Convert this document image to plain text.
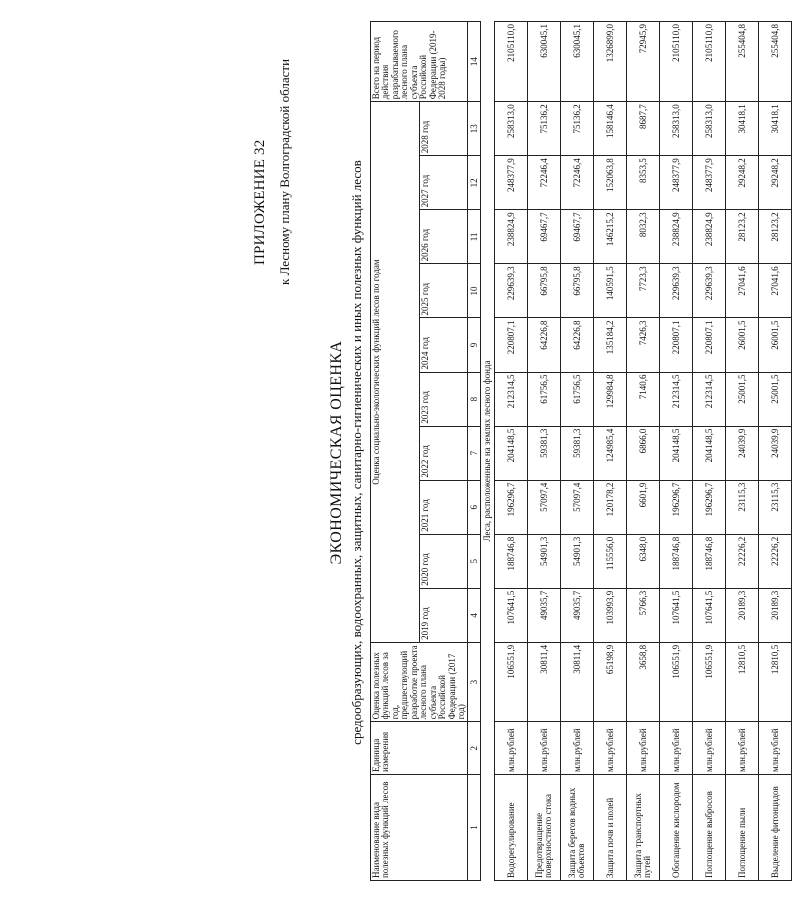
ПРИЛОЖЕНИЕ 32 к Лесному плану Волгоградской области
ЭКОНОМИЧЕСКАЯ ОЦЕНКА средообразующих, водоохранных, защитных, санитарно-гигиенических и иных полезных функций лесов
Наименование вида полезных функций лесов	Единица измерения	Оценка полезных функций лесов за год, предшествующий разработке проекта лесного плана субъекта Российской Федерации (2017 год)	Оценка социально-экологических функций лесов по годам										Всего на период действия разрабатываемого лесного плана субъекта Российской Федерации (2019-2028 годы)
			2019 год	2020 год	2021 год	2022 год	2023 год	2024 год	2025 год	2026 год	2027 год	2028 год	
1	2	3	4	5	6	7	8	9	10	11	12	13	14
Леса, расположенные на землях лесного фонда													
Водорегулирование	млн.рублей	106551,9	107641,5	188746,8	196296,7	204148,5	212314,5	220807,1	229639,3	238824,9	248377,9	258313,0	2105110,0
Предотвращение поверхностного стока	млн.рублей	30811,4	49035,7	54901,3	57097,4	59381,3	61756,5	64226,8	66795,8	69467,7	72246,4	75136,2	630045,1
Защита берегов водных объектов	млн.рублей	30811,4	49035,7	54901,3	57097,4	59381,3	61756,5	64226,8	66795,8	69467,7	72246,4	75136,2	630045,1
Защита почв и полей	млн.рублей	65198,9	103993,9	115556,0	120178,2	124985,4	129984,8	135184,2	140591,5	146215,2	152063,8	158146,4	1326899,0
Защита транспортных путей	млн.рублей	3658,8	5766,3	6348,0	6601,9	6866,0	7140,6	7426,3	7723,3	8032,3	8353,5	8687,7	72945,9
Обогащение кислородом	млн.рублей	106551,9	107641,5	188746,8	196296,7	204148,5	212314,5	220807,1	229639,3	238824,9	248377,9	258313,0	2105110,0
Поглощение выбросов	млн.рублей	106551,9	107641,5	188746,8	196296,7	204148,5	212314,5	220807,1	229639,3	238824,9	248377,9	258313,0	2105110,0
Поглощение пыли	млн.рублей	12810,5	20189,3	22226,2	23115,3	24039,9	25001,5	26001,5	27041,6	28123,2	29248,2	30418,1	255404,8
Выделение фитонцидов	млн.рублей	12810,5	20189,3	22226,2	23115,3	24039,9	25001,5	26001,5	27041,6	28123,2	29248,2	30418,1	255404,8
